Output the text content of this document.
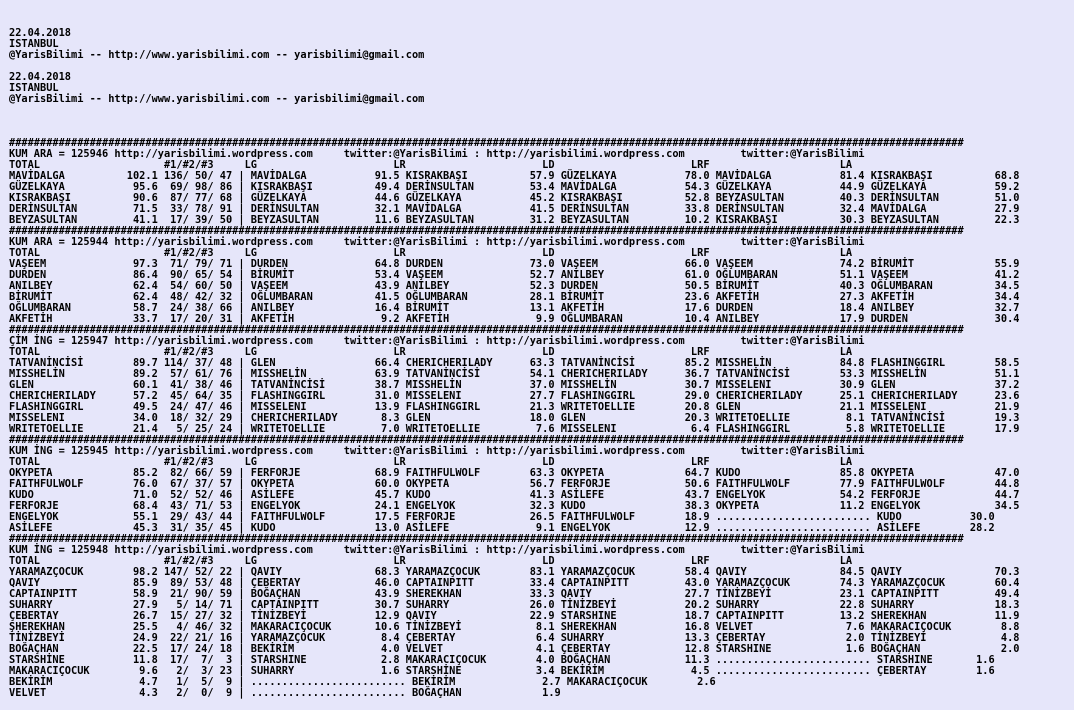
22.04.2018
ISTANBUL
@YarisBilimi -- http://www.yarisbilimi.com -- yarisbilimi@gmail.com
22.04.2018
ISTANBUL
@YarisBilimi -- http://www.yarisbilimi.com -- yarisbilimi@gmail.com

##########################################################################################################################################################
KUM ARA = 125946 http://yarisbilimi.wordpress.com     twitter:@YarisBilimi : http://yarisbilimi.wordpress.com         twitter:@YarisBilimi
TOTAL                    #1/#2/#3     LG                      LR                      LD                      LRF                     LA
MAVİDALGA          102.1 136/ 50/ 47 | MAVİDALGA           91.5 KISRAKBAŞI          57.9 GÜZELKAYA           78.0 MAVİDALGA           81.4 KISRAKBAŞI          68.8
GÜZELKAYA           95.6  69/ 98/ 86 | KISRAKBAŞI          49.4 DERİNSULTAN         53.4 MAVİDALGA           54.3 GÜZELKAYA           44.9 GÜZELKAYA           59.2
KISRAKBAŞI          90.6  87/ 77/ 68 | GÜZELKAYA           44.6 GÜZELKAYA           45.2 KISRAKBAŞI          52.8 BEYZASULTAN         40.3 DERİNSULTAN         51.0
DERİNSULTAN         71.5  33/ 78/ 91 | DERİNSULTAN         32.1 MAVİDALGA           41.5 DERİNSULTAN         33.8 DERİNSULTAN         32.4 MAVİDALGA           27.9
BEYZASULTAN         41.1  17/ 39/ 50 | BEYZASULTAN         11.6 BEYZASULTAN         31.2 BEYZASULTAN         10.2 KISRAKBAŞI          30.3 BEYZASULTAN         22.3
##########################################################################################################################################################
KUM ARA = 125944 http://yarisbilimi.wordpress.com     twitter:@YarisBilimi : http://yarisbilimi.wordpress.com         twitter:@YarisBilimi
TOTAL                    #1/#2/#3     LG                      LR                      LD                      LRF                     LA
VAŞEEM              97.3  71/ 79/ 71 | DURDEN              64.8 DURDEN              73.0 VAŞEEM              66.0 VAŞEEM              74.2 BİRUMİT             55.9
DURDEN              86.4  90/ 65/ 54 | BİRUMİT             53.4 VAŞEEM              52.7 ANILBEY             61.0 OĞLUMBARAN          51.1 VAŞEEM              41.2
ANILBEY             62.4  54/ 60/ 50 | VAŞEEM              43.9 ANILBEY             52.3 DURDEN              50.5 BİRUMİT             40.3 OĞLUMBARAN          34.5
BİRUMİT             62.4  48/ 42/ 32 | OĞLUMBARAN          41.5 OĞLUMBARAN          28.1 BİRUMİT             23.6 AKFETİH             27.3 AKFETİH             34.4
OĞLUMBARAN          58.7  24/ 38/ 66 | ANILBEY             16.4 BİRUMİT             13.1 AKFETİH             17.6 DURDEN              18.4 ANILBEY             32.7
AKFETİH             33.7  17/ 20/ 31 | AKFETİH              9.2 AKFETİH              9.9 OĞLUMBARAN          10.4 ANILBEY             17.9 DURDEN              30.4
##########################################################################################################################################################
ÇİM İNG = 125947 http://yarisbilimi.wordpress.com     twitter:@YarisBilimi : http://yarisbilimi.wordpress.com         twitter:@YarisBilimi
TOTAL                    #1/#2/#3     LG                      LR                      LD                      LRF                     LA
TATVANİNCİSİ        89.7 114/ 37/ 48 | GLEN                66.4 CHERICHERILADY      63.3 TATVANİNCİSİ        85.2 MISSHELİN           84.8 FLASHINGGIRL        58.5
MISSHELİN           89.2  57/ 61/ 76 | MISSHELİN           63.9 TATVANİNCİSİ        54.1 CHERICHERILADY      36.7 TATVANİNCİSİ        53.3 MISSHELİN           51.1
GLEN                60.1  41/ 38/ 46 | TATVANİNCİSİ        38.7 MISSHELİN           37.0 MISSHELİN           30.7 MISSELENI           30.9 GLEN                37.2
CHERICHERILADY      57.2  45/ 64/ 35 | FLASHINGGIRL        31.0 MISSELENI           27.7 FLASHINGGIRL        29.0 CHERICHERILADY      25.1 CHERICHERILADY      23.6
FLASHINGGIRL        49.5  24/ 47/ 46 | MISSELENI           13.9 FLASHINGGIRL        21.3 WRITETOELLIE        20.8 GLEN                21.1 MISSELENI           21.9
MISSELENI           34.0  18/ 32/ 29 | CHERICHERILADY       8.3 GLEN                18.0 GLEN                20.3 WRITETOELLIE         8.1 TATVANİNCİSİ        19.3
WRITETOELLIE        21.4   5/ 25/ 24 | WRITETOELLIE         7.0 WRITETOELLIE         7.6 MISSELENI            6.4 FLASHINGGIRL         5.8 WRITETOELLIE        17.9
##########################################################################################################################################################
KUM İNG = 125945 http://yarisbilimi.wordpress.com     twitter:@YarisBilimi : http://yarisbilimi.wordpress.com         twitter:@YarisBilimi
TOTAL                    #1/#2/#3     LG                      LR                      LD                      LRF                     LA
OKYPETA             85.2  82/ 66/ 59 | FERFORJE            68.9 FAITHFULWOLF        63.3 OKYPETA             64.7 KUDO                85.8 OKYPETA             47.0
FAITHFULWOLF        76.0  67/ 37/ 57 | OKYPETA             60.0 OKYPETA             56.7 FERFORJE            50.6 FAITHFULWOLF        77.9 FAITHFULWOLF        44.8
KUDO                71.0  52/ 52/ 46 | ASİLEFE             45.7 KUDO                41.3 ASİLEFE             43.7 ENGELYOK            54.2 FERFORJE            44.7
FERFORJE            68.4  43/ 71/ 53 | ENGELYOK            24.1 ENGELYOK            32.3 KUDO                38.3 OKYPETA             11.2 ENGELYOK            34.5
ENGELYOK            55.1  29/ 43/ 44 | FAITHFULWOLF        17.5 FERFORJE            26.5 FAITHFULWOLF        18.9 ......................... KUDO           30.0
ASİLEFE             45.3  31/ 35/ 45 | KUDO                13.0 ASİLEFE              9.1 ENGELYOK            12.9 ......................... ASİLEFE        28.2
##########################################################################################################################################################
KUM İNG = 125948 http://yarisbilimi.wordpress.com     twitter:@YarisBilimi : http://yarisbilimi.wordpress.com         twitter:@YarisBilimi
TOTAL                    #1/#2/#3     LG                      LR                      LD                      LRF                     LA
YARAMAZÇOCUK        98.2 147/ 52/ 22 | QAVIY               68.3 YARAMAZÇOCUK        83.1 YARAMAZÇOCUK        58.4 QAVIY               84.5 QAVIY               70.3
QAVIY               85.9  89/ 53/ 48 | ÇEBERTAY            46.0 CAPTAINPITT         33.4 CAPTAINPITT         43.0 YARAMAZÇOCUK        74.3 YARAMAZÇOCUK        60.4
CAPTAINPITT         58.9  21/ 90/ 59 | BOĞAÇHAN            43.9 SHEREKHAN           33.3 QAVIY               27.7 TİNİZBEYİ           23.1 CAPTAINPITT         49.4
SUHARRY             27.9   5/ 14/ 71 | CAPTAINPITT         30.7 SUHARRY             26.0 TİNİZBEYİ           20.2 SUHARRY             22.8 SUHARRY             18.3
ÇEBERTAY            26.7  15/ 27/ 32 | TİNİZBEYİ           12.9 QAVIY               22.9 STARSHINE           18.7 CAPTAINPITT         13.2 SHEREKHAN           11.9
ŞHEREKHAN           25.5   4/ 46/ 32 | MAKARACIÇOCUK       10.6 TİNİZBEYİ            8.1 SHEREKHAN           16.8 VELVET               7.6 MAKARACIÇOCUK        8.8
TİNİZBEYİ           24.9  22/ 21/ 16 | YARAMAZÇOCUK         8.4 ÇEBERTAY             6.4 SUHARRY             13.3 ÇEBERTAY             2.0 TİNİZBEYİ            4.8
BOĞAÇHAN            22.5  17/ 24/ 18 | BEKİRİM              4.0 VELVET               4.1 ÇEBERTAY            12.8 STARSHINE            1.6 BOĞAÇHAN             2.0
STARSHİNE           11.8  17/  7/  3 | STARSHINE            2.8 MAKARACIÇOCUK        4.0 BOĞAÇHAN            11.3 ......................... STARSHINE       1.6
MAKARACIÇOCUK        9.6   2/  3/ 23 | SUHARRY              1.6 STARSHİNE            3.4 BEKİRİM              4.5 ......................... ÇEBERTAY        1.6
BEKİRİM              4.7   1/  5/  9 | ......................... BEKİRİM              2.7 MAKARACIÇOCUK        2.6
VELVET               4.3   2/  0/  9 | ......................... BOĞAÇHAN             1.9
